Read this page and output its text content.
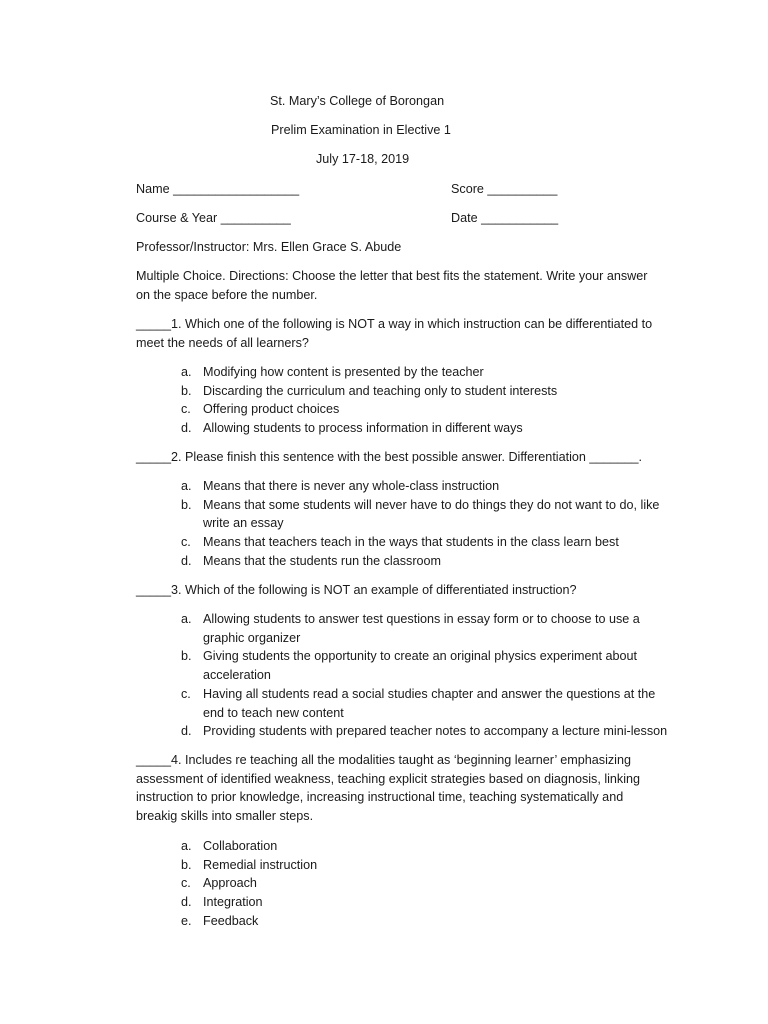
St. Mary’s College of Borongan
Prelim Examination in Elective 1
July 17-18, 2019
Name __________________	Score __________
Course & Year __________	Date ___________
Professor/Instructor: Mrs. Ellen Grace S. Abude
Multiple Choice. Directions: Choose the letter that best fits the statement. Write your answer on the space before the number.
_____1. Which one of the following is NOT a way in which instruction can be differentiated to meet the needs of all learners?
a. Modifying how content is presented by the teacher
b. Discarding the curriculum and teaching only to student interests
c. Offering product choices
d. Allowing students to process information in different ways
_____2. Please finish this sentence with the best possible answer. Differentiation _______.
a. Means that there is never any whole-class instruction
b. Means that some students will never have to do things they do not want to do, like write an essay
c. Means that teachers teach in the ways that students in the class learn best
d. Means that the students run the classroom
_____3. Which of the following is NOT an example of differentiated instruction?
a. Allowing students to answer test questions in essay form or to choose to use a graphic organizer
b. Giving students the opportunity to create an original physics experiment about acceleration
c. Having all students read a social studies chapter and answer the questions at the end to teach new content
d. Providing students with prepared teacher notes to accompany a lecture mini-lesson
_____4. Includes re teaching all the modalities taught as ‘beginning learner’ emphasizing assessment of identified weakness, teaching explicit strategies based on diagnosis, linking instruction to prior knowledge, increasing instructional time, teaching systematically and breakig skills into smaller steps.
a. Collaboration
b. Remedial instruction
c. Approach
d. Integration
e. Feedback
